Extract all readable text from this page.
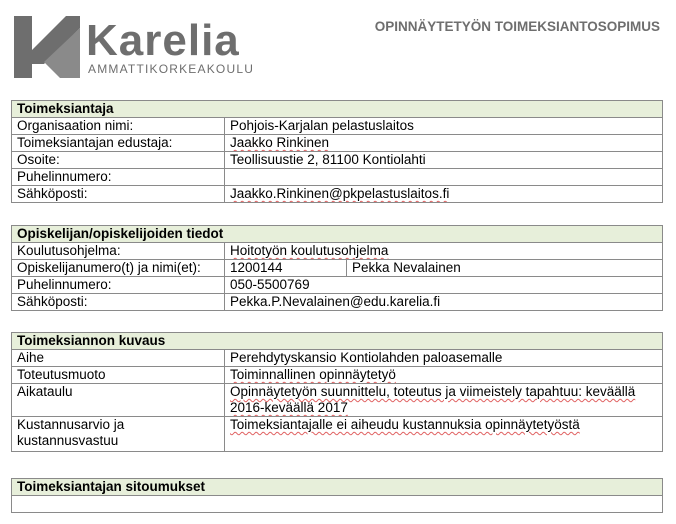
Karelia
AMMATTIKORKEAKOULU
OPINNÄYTETYÖN TOIMEKSIANTOSOPIMUS
Toimeksiantaja	
Organisaation nimi:	Pohjois-Karjalan pelastuslaitos
Toimeksiantajan edustaja:	Jaakko Rinkinen
Osoite:	Teollisuustie 2, 81100 Kontiolahti
Puhelinnumero:	
Sähköposti:	Jaakko.Rinkinen@pkpelastuslaitos.fi
Opiskelijan/opiskelijoiden tiedot		
Koulutusohjelma:	Hoitotyön koulutusohjelma	
Opiskelijanumero(t) ja nimi(et):	1200144	Pekka Nevalainen
Puhelinnumero:	050-5500769	
Sähköposti:	Pekka.P.Nevalainen@edu.karelia.fi	
Toimeksiannon kuvaus	
Aihe	Perehdytyskansio Kontiolahden paloasemalle
Toteutusmuoto	Toiminnallinen opinnäytetyö
Aikataulu	Opinnäytetyön suunnittelu, toteutus ja viimeistely tapahtuu: keväällä 2016-keväällä 2017
Kustannusarvio ja kustannusvastuu	Toimeksiantajalle ei aiheudu kustannuksia opinnäytetyöstä
Toimeksiantajan sitoumukset
